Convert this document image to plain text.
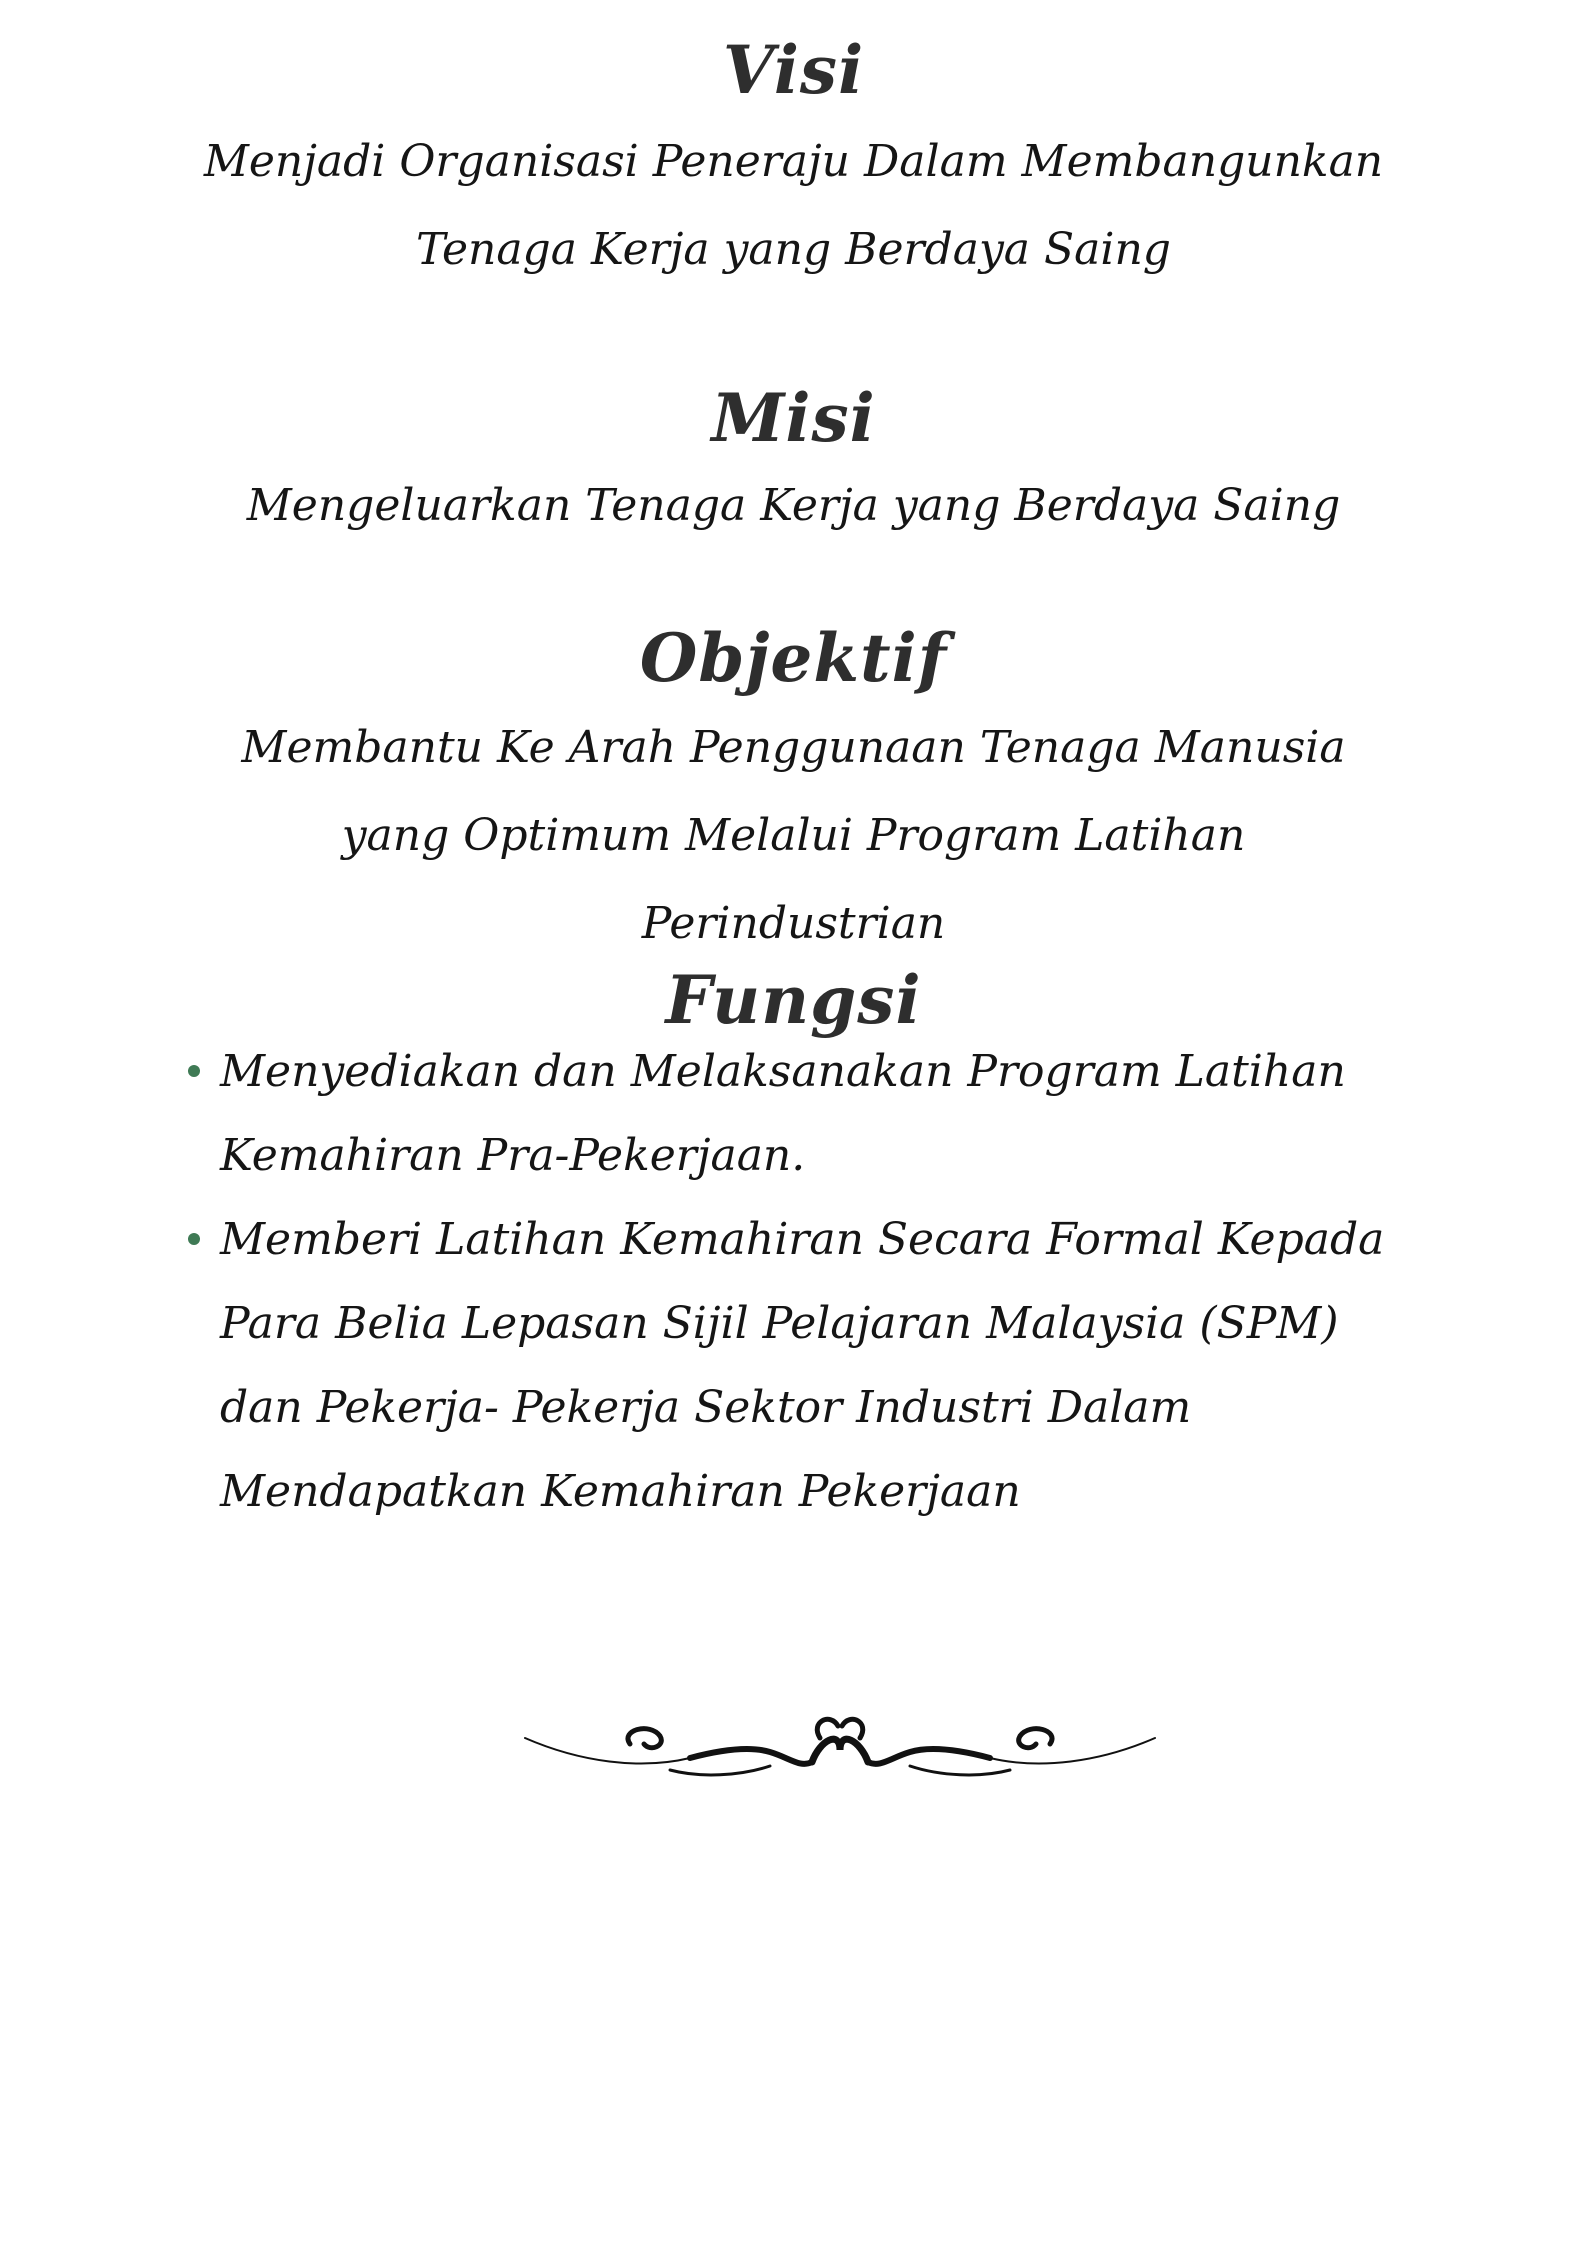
Visi

Menjadi Organisasi Peneraju Dalam Membangunkan Tenaga Kerja yang Berdaya Saing

Misi

Mengeluarkan Tenaga Kerja yang Berdaya Saing

Objektif

Membantu Ke Arah Penggunaan Tenaga Manusia yang Optimum Melalui Program Latihan Perindustrian

Fungsi
Menyediakan dan Melaksanakan Program Latihan Kemahiran Pra-Pekerjaan.
Memberi Latihan Kemahiran Secara Formal Kepada Para Belia Lepasan Sijil Pelajaran Malaysia (SPM) dan Pekerja- Pekerja Sektor Industri Dalam Mendapatkan Kemahiran Pekerjaan
